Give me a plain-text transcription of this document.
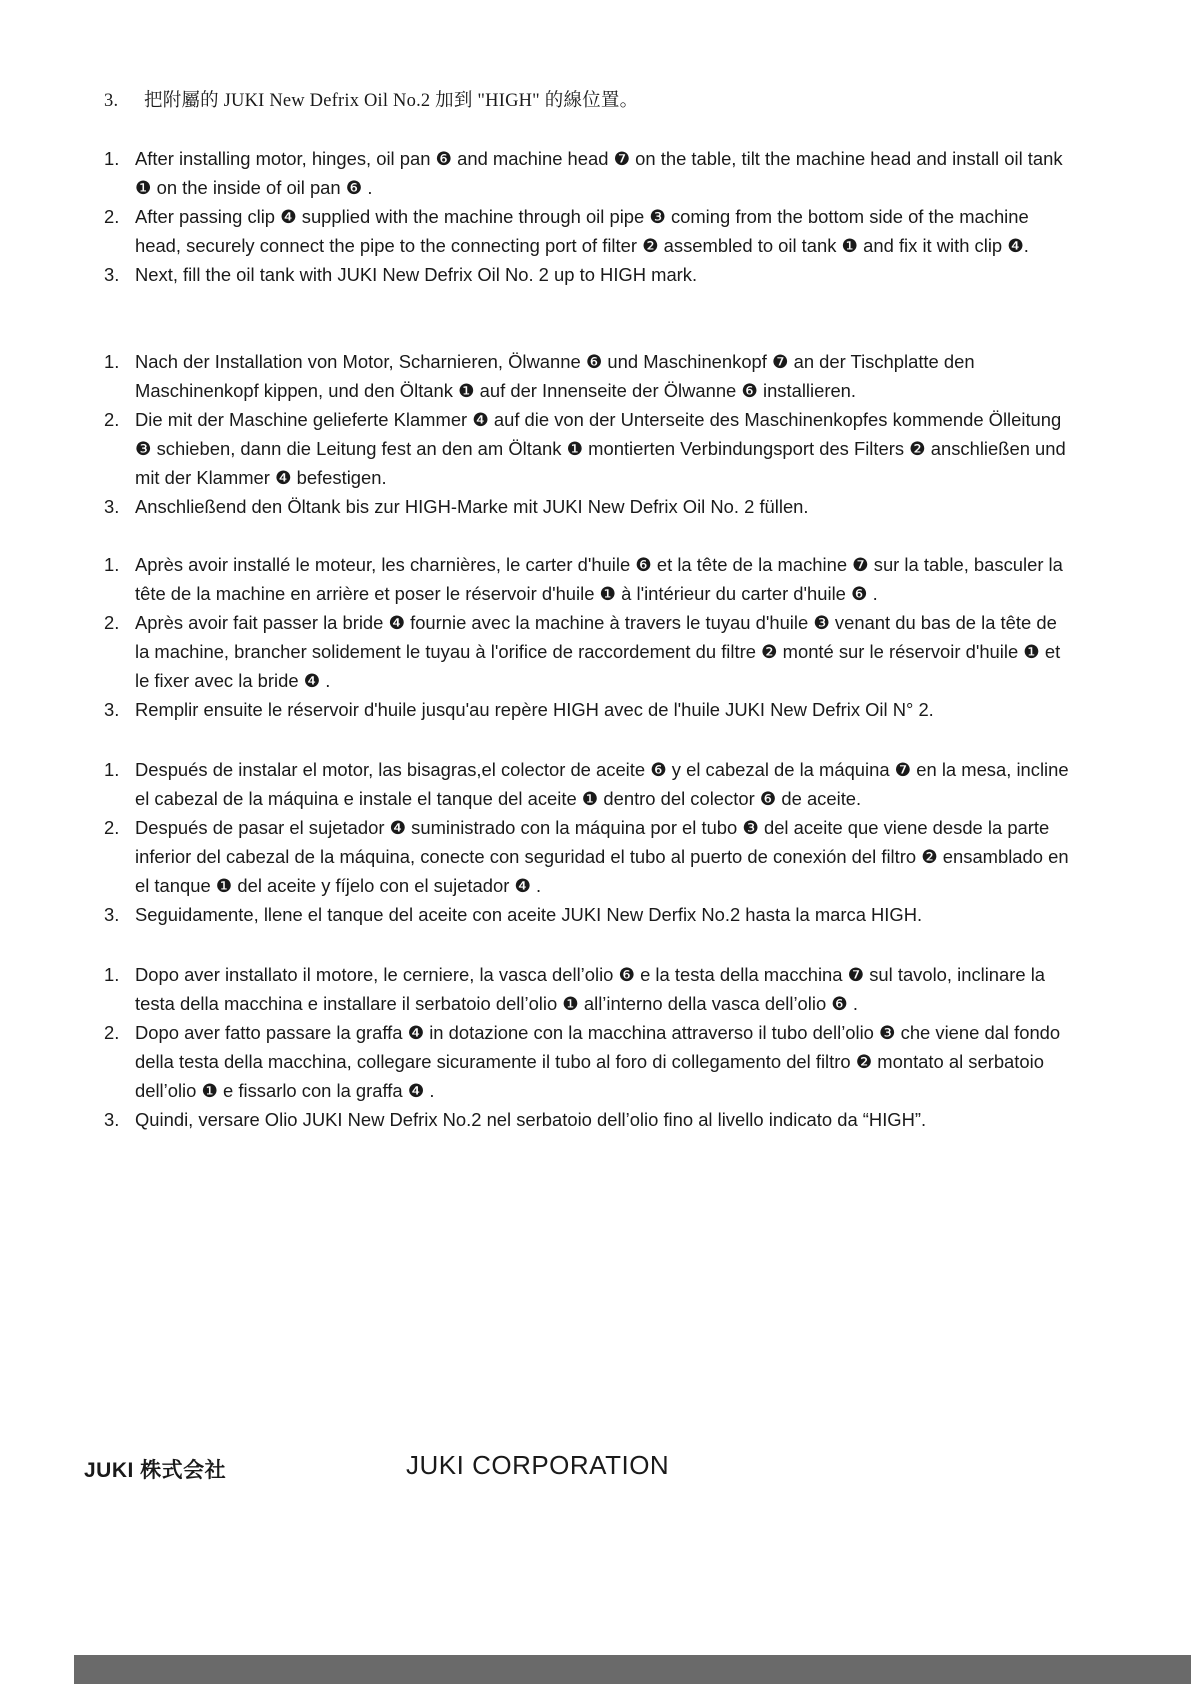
3. 把附屬的 JUKI New Defrix Oil No.2 加到 "HIGH" 的線位置。
1. After installing motor, hinges, oil pan ❻ and machine head ❼ on the table, tilt the machine head and install oil tank ❶ on the inside of oil pan ❻ .
2. After passing clip ❹ supplied with the machine through oil pipe ❸ coming from the bottom side of the machine head, securely connect the pipe to the connecting port of filter ❷ assembled to oil tank ❶ and fix it with clip ❹.
3. Next, fill the oil tank with JUKI New Defrix Oil No. 2 up to HIGH mark.
1. Nach der Installation von Motor, Scharnieren, Ölwanne ❻ und Maschinenkopf ❼ an der Tischplatte den Maschinenkopf kippen, und den Öltank ❶ auf der Innenseite der Ölwanne ❻ installieren.
2. Die mit der Maschine gelieferte Klammer ❹ auf die von der Unterseite des Maschinenkopfes kommende Ölleitung ❸ schieben, dann die Leitung fest an den am Öltank ❶ montierten Verbindungsport des Filters ❷ anschließen und mit der Klammer ❹ befestigen.
3. Anschließend den Öltank bis zur HIGH-Marke mit JUKI New Defrix Oil No. 2 füllen.
1. Après avoir installé le moteur, les charnières, le carter d'huile ❻ et la tête de la machine ❼ sur la table, basculer la tête de la machine en arrière et poser le réservoir d'huile ❶ à l'intérieur du carter d'huile ❻ .
2. Après avoir fait passer la bride ❹ fournie avec la machine à travers le tuyau d'huile ❸ venant du bas de la tête de la machine, brancher solidement le tuyau à l'orifice de raccordement du filtre ❷ monté sur le réservoir d'huile ❶ et le fixer avec la bride ❹ .
3. Remplir ensuite le réservoir d'huile jusqu'au repère HIGH avec de l'huile JUKI New Defrix Oil N° 2.
1. Después de instalar el motor, las bisagras,el colector de aceite ❻ y el cabezal de la máquina ❼ en la mesa, incline el cabezal de la máquina e instale el tanque del aceite ❶ dentro del colector ❻ de aceite.
2. Después de pasar el sujetador ❹ suministrado con la máquina por el tubo ❸ del aceite que viene desde la parte inferior del cabezal de la máquina, conecte con seguridad el tubo al puerto de conexión del filtro ❷ ensamblado en el tanque ❶ del aceite y fíjelo con el sujetador ❹ .
3. Seguidamente, llene el tanque del aceite con aceite JUKI New Derfix No.2 hasta la marca HIGH.
1. Dopo aver installato il motore, le cerniere, la vasca dell’olio ❻ e la testa della macchina ❼ sul tavolo, inclinare la testa della macchina e installare il serbatoio dell’olio ❶ all’interno della vasca dell’olio ❻ .
2. Dopo aver fatto passare la graffa ❹ in dotazione con la macchina attraverso il tubo dell’olio ❸ che viene dal fondo della testa della macchina, collegare sicuramente il tubo al foro di collegamento del filtro ❷ montato al serbatoio dell’olio ❶ e fissarlo con la graffa ❹ .
3. Quindi, versare Olio JUKI New Defrix No.2 nel serbatoio dell’olio fino al livello indicato da “HIGH”.
JUKI 株式会社	JUKI CORPORATION
